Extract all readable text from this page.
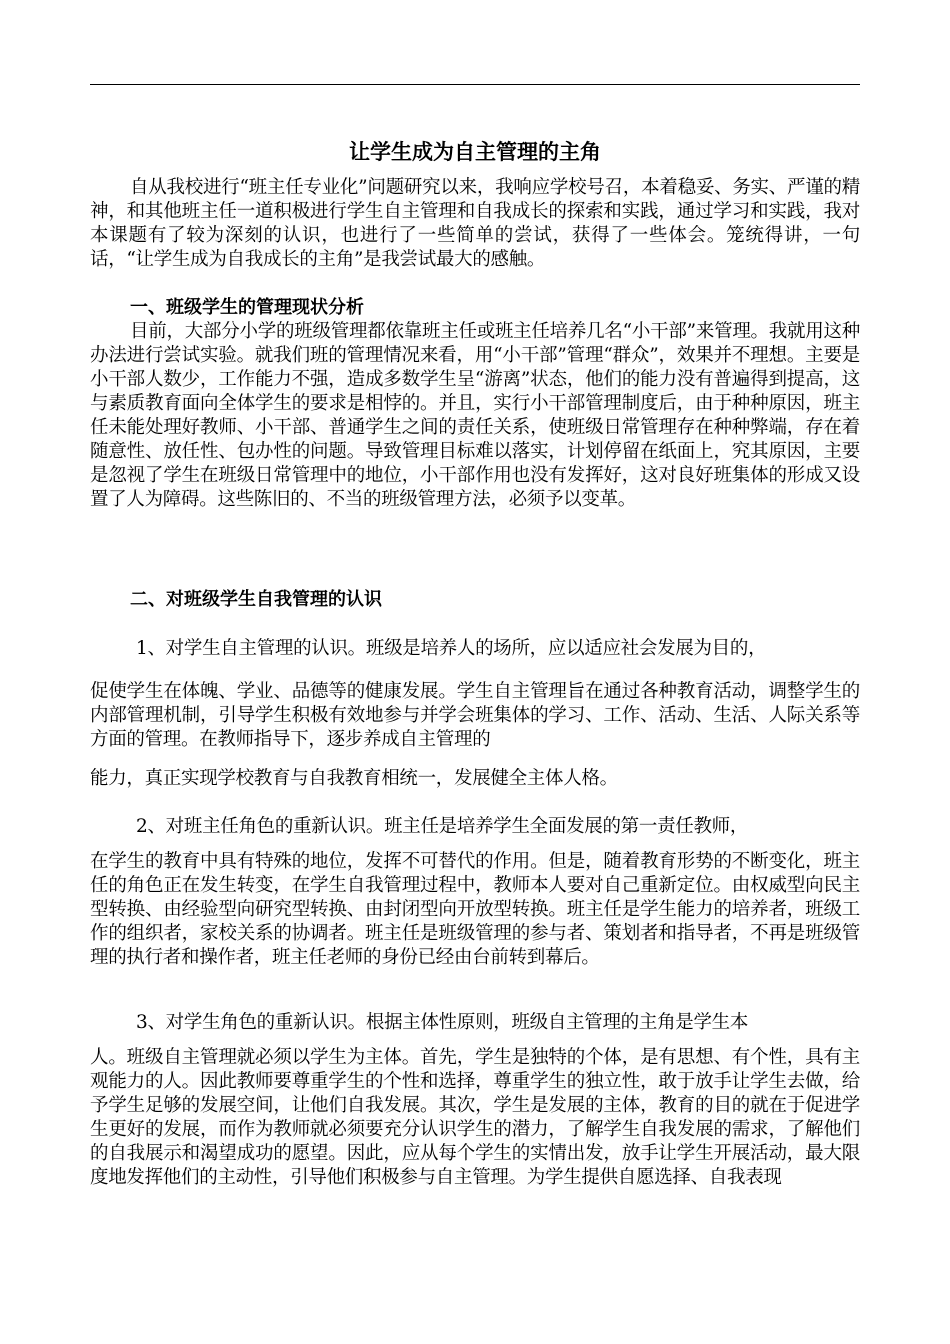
让学生成为自主管理的主角

自从我校进行“班主任专业化”问题研究以来，我响应学校号召，本着稳妥、务实、严谨的精神，和其他班主任一道积极进行学生自主管理和自我成长的探索和实践，通过学习和实践，我对本课题有了较为深刻的认识，也进行了一些简单的尝试，获得了一些体会。笼统得讲，一句话，“让学生成为自我成长的主角”是我尝试最大的感触。

一、班级学生的管理现状分析

目前，大部分小学的班级管理都依靠班主任或班主任培养几名“小干部”来管理。我就用这种办法进行尝试实验。就我们班的管理情况来看，用“小干部”管理“群众”，效果并不理想。主要是小干部人数少，工作能力不强，造成多数学生呈“游离”状态，他们的能力没有普遍得到提高，这与素质教育面向全体学生的要求是相悖的。并且，实行小干部管理制度后，由于种种原因，班主任未能处理好教师、小干部、普通学生之间的责任关系，使班级日常管理存在种种弊端，存在着随意性、放任性、包办性的问题。导致管理目标难以落实，计划停留在纸面上，究其原因，主要是忽视了学生在班级日常管理中的地位，小干部作用也没有发挥好，这对良好班集体的形成又设置了人为障碍。这些陈旧的、不当的班级管理方法，必须予以变革。

二、对班级学生自我管理的认识

1、对学生自主管理的认识。班级是培养人的场所，应以适应社会发展为目的，

促使学生在体魄、学业、品德等的健康发展。学生自主管理旨在通过各种教育活动，调整学生的内部管理机制，引导学生积极有效地参与并学会班集体的学习、工作、活动、生活、人际关系等方面的管理。在教师指导下，逐步养成自主管理的

能力，真正实现学校教育与自我教育相统一，发展健全主体人格。

2、对班主任角色的重新认识。班主任是培养学生全面发展的第一责任教师，

在学生的教育中具有特殊的地位，发挥不可替代的作用。但是，随着教育形势的不断变化，班主任的角色正在发生转变，在学生自我管理过程中，教师本人要对自己重新定位。由权威型向民主型转换、由经验型向研究型转换、由封闭型向开放型转换。班主任是学生能力的培养者，班级工作的组织者，家校关系的协调者。班主任是班级管理的参与者、策划者和指导者，不再是班级管理的执行者和操作者，班主任老师的身份已经由台前转到幕后。

3、对学生角色的重新认识。根据主体性原则，班级自主管理的主角是学生本

人。班级自主管理就必须以学生为主体。首先，学生是独特的个体，是有思想、有个性，具有主观能力的人。因此教师要尊重学生的个性和选择，尊重学生的独立性，敢于放手让学生去做，给予学生足够的发展空间，让他们自我发展。其次，学生是发展的主体，教育的目的就在于促进学生更好的发展，而作为教师就必须要充分认识学生的潜力，了解学生自我发展的需求，了解他们的自我展示和渴望成功的愿望。因此，应从每个学生的实情出发，放手让学生开展活动，最大限度地发挥他们的主动性，引导他们积极参与自主管理。为学生提供自愿选择、自我表现
